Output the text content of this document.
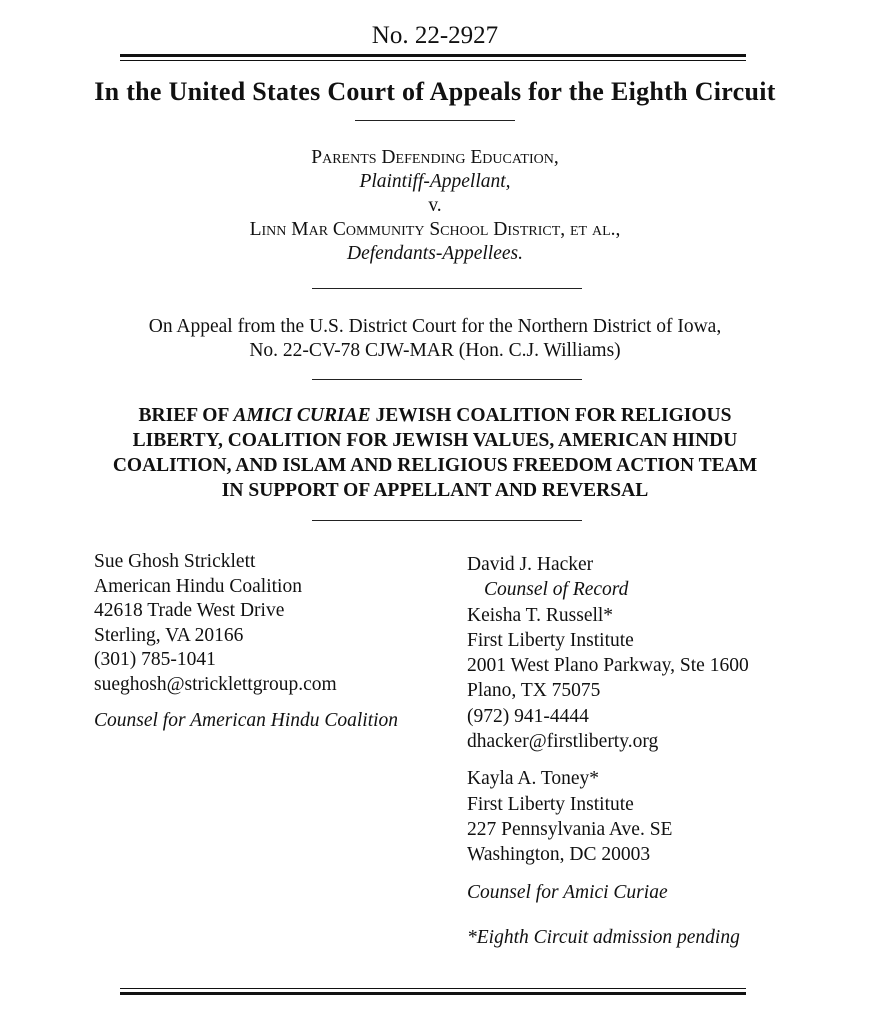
No. 22-2927
In the United States Court of Appeals for the Eighth Circuit
Parents Defending Education,
Plaintiff-Appellant,
v.
Linn Mar Community School District, et al.,
Defendants-Appellees.
On Appeal from the U.S. District Court for the Northern District of Iowa,
No. 22-CV-78 CJW-MAR (Hon. C.J. Williams)
BRIEF OF AMICI CURIAE JEWISH COALITION FOR RELIGIOUS
LIBERTY, COALITION FOR JEWISH VALUES, AMERICAN HINDU
COALITION, AND ISLAM AND RELIGIOUS FREEDOM ACTION TEAM
IN SUPPORT OF APPELLANT AND REVERSAL
Sue Ghosh Stricklett
American Hindu Coalition
42618 Trade West Drive
Sterling, VA 20166
(301) 785-1041
sueghosh@stricklettgroup.com
Counsel for American Hindu Coalition
David J. Hacker
Counsel of Record
Keisha T. Russell*
First Liberty Institute
2001 West Plano Parkway, Ste 1600
Plano, TX 75075
(972) 941-4444
dhacker@firstliberty.org
Kayla A. Toney*
First Liberty Institute
227 Pennsylvania Ave. SE
Washington, DC 20003
Counsel for Amici Curiae
*Eighth Circuit admission pending
